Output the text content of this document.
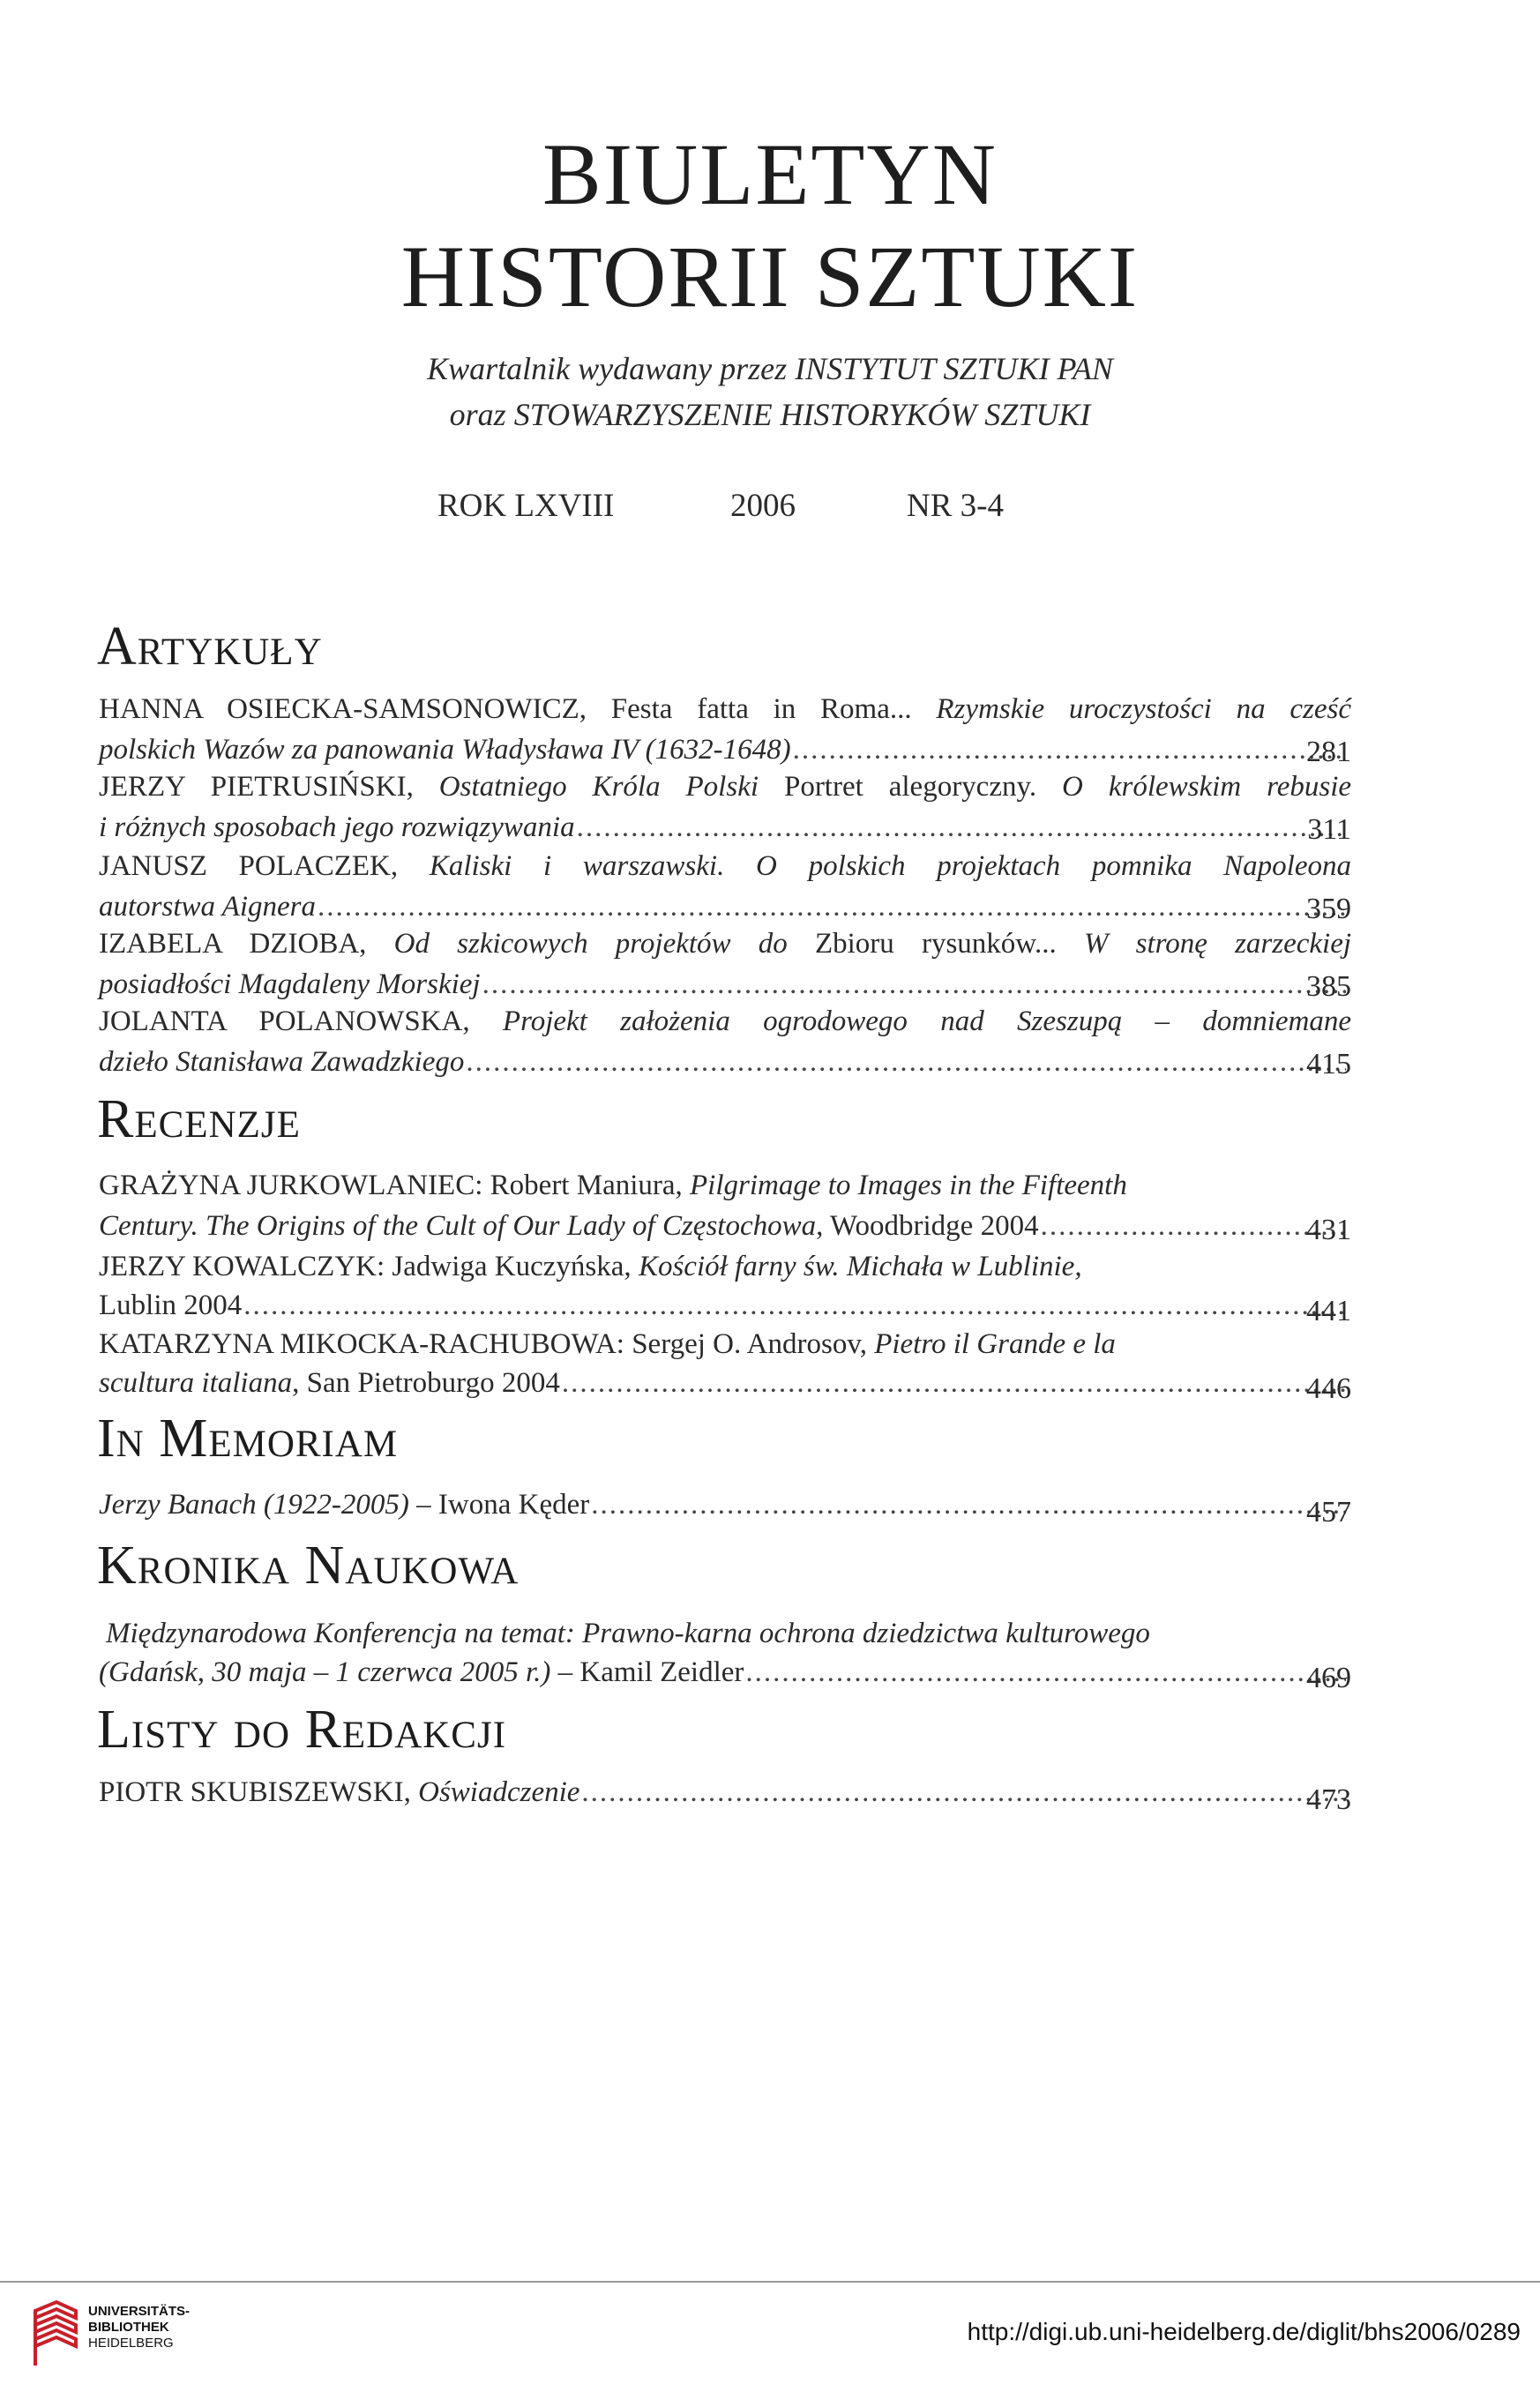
BIULETYN
HISTORII SZTUKI
Kwartalnik wydawany przez INSTYTUT SZTUKI PAN
oraz STOWARZYSZENIE HISTORYKÓW SZTUKI
ROK LXVIII	2006	NR 3-4
Artykuły
HANNA OSIECKA-SAMSONOWICZ, Festa fatta in Roma... Rzymskie uroczystości na cześć
polskich Wazów za panowania Władysława IV (1632-1648) .....	281
JERZY PIETRUSIŃSKI, Ostatniego Króla Polski Portret alegoryczny. O królewskim rebusie
i różnych sposobach jego rozwiązywania .....	311
JANUSZ POLACZEK, Kaliski i warszawski. O polskich projektach pomnika Napoleona
autorstwa Aignera .....	359
IZABELA DZIOBA, Od szkicowych projektów do Zbioru rysunków... W stronę zarzeckiej
posiadłości Magdaleny Morskiej .....	385
JOLANTA POLANOWSKA, Projekt założenia ogrodowego nad Szeszupą – domniemane
dzieło Stanisława Zawadzkiego .....	415
Recenzje
GRAŻYNA JURKOWLANIEC: Robert Maniura, Pilgrimage to Images in the Fifteenth
Century. The Origins of the Cult of Our Lady of Częstochowa, Woodbridge 2004 .....	431
JERZY KOWALCZYK: Jadwiga Kuczyńska, Kościół farny św. Michała w Lublinie,
Lublin 2004 .....	441
KATARZYNA MIKOCKA-RACHUBOWA: Sergej O. Androsov, Pietro il Grande e la
scultura italiana, San Pietroburgo 2004 .....	446
In Memoriam
Jerzy Banach (1922-2005) – Iwona Kęder .....	457
Kronika Naukowa
Międzynarodowa Konferencja na temat: Prawno-karna ochrona dziedzictwa kulturowego
(Gdańsk, 30 maja – 1 czerwca 2005 r.) – Kamil Zeidler .....	469
Listy do Redakcji
PIOTR SKUBISZEWSKI, Oświadczenie .....	473
UNIVERSITÄTS-
BIBLIOTHEK
HEIDELBERG	http://digi.ub.uni-heidelberg.de/diglit/bhs2006/0289
